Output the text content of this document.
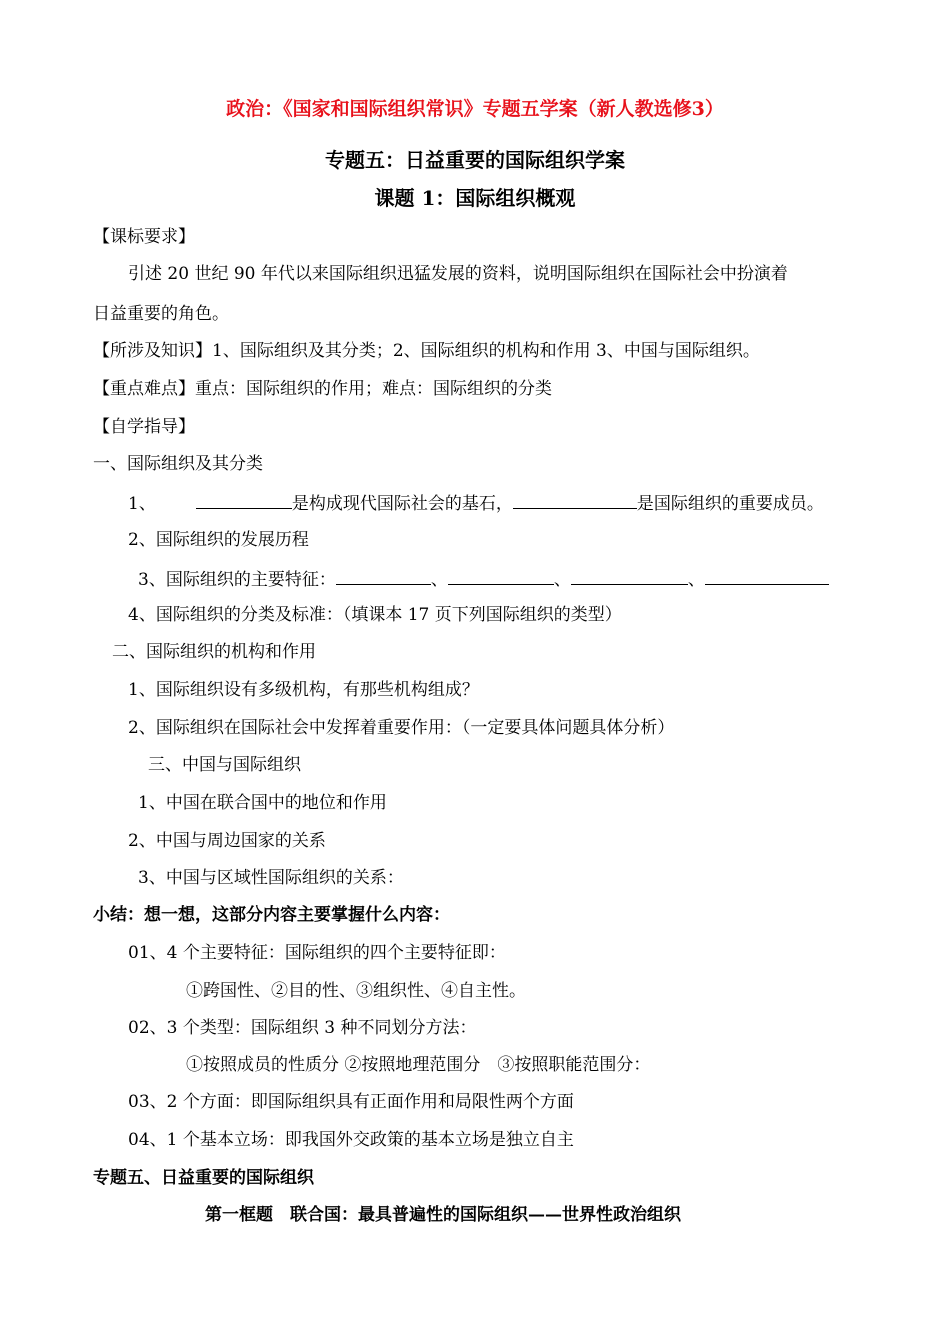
政治：《国家和国际组织常识》专题五学案（新人教选修3）
专题五：日益重要的国际组织学案
课题 1：国际组织概观
【课标要求】
引述 20 世纪 90 年代以来国际组织迅猛发展的资料，说明国际组织在国际社会中扮演着
日益重要的角色。
【所涉及知识】1、国际组织及其分类；2、国际组织的机构和作用 3、中国与国际组织。
【重点难点】重点：国际组织的作用；难点：国际组织的分类
【自学指导】
一、国际组织及其分类
1、	是构成现代国际社会的基石，	是国际组织的重要成员。
2、国际组织的发展历程
3、国际组织的主要特征：	、	、	、
4、国际组织的分类及标准：（填课本 17 页下列国际组织的类型）
二、国际组织的机构和作用
1、国际组织设有多级机构，有那些机构组成？
2、国际组织在国际社会中发挥着重要作用：（一定要具体问题具体分析）
三、中国与国际组织
1、中国在联合国中的地位和作用
2、中国与周边国家的关系
3、中国与区域性国际组织的关系：
小结：想一想，这部分内容主要掌握什么内容：
01、4 个主要特征：国际组织的四个主要特征即：
①跨国性、②目的性、③组织性、④自主性。
02、3 个类型：国际组织 3 种不同划分方法：
①按照成员的性质分 ②按照地理范围分　③按照职能范围分：
03、2 个方面：即国际组织具有正面作用和局限性两个方面
04、1 个基本立场：即我国外交政策的基本立场是独立自主
专题五、日益重要的国际组织
第一框题　联合国：最具普遍性的国际组织——世界性政治组织
